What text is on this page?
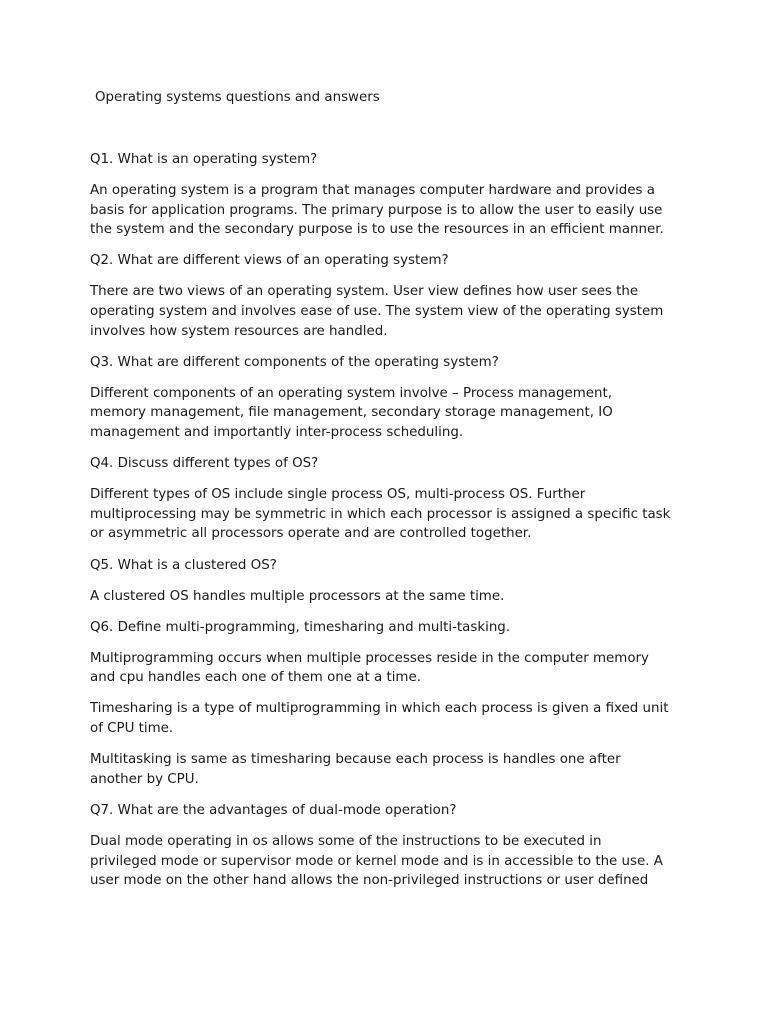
Operating systems questions and answers

Q1. What is an operating system?

An operating system is a program that manages computer hardware and provides a
basis for application programs. The primary purpose is to allow the user to easily use
the system and the secondary purpose is to use the resources in an efficient manner.

Q2. What are different views of an operating system?

There are two views of an operating system. User view defines how user sees the
operating system and involves ease of use. The system view of the operating system
involves how system resources are handled.

Q3. What are different components of the operating system?

Different components of an operating system involve – Process management,
memory management, file management, secondary storage management, IO
management and importantly inter-process scheduling.

Q4. Discuss different types of OS?

Different types of OS include single process OS, multi-process OS. Further
multiprocessing may be symmetric in which each processor is assigned a specific task
or asymmetric all processors operate and are controlled together.

Q5. What is a clustered OS?

A clustered OS handles multiple processors at the same time.

Q6. Define multi-programming, timesharing and multi-tasking.

Multiprogramming occurs when multiple processes reside in the computer memory
and cpu handles each one of them one at a time.

Timesharing is a type of multiprogramming in which each process is given a fixed unit
of CPU time.

Multitasking is same as timesharing because each process is handles one after
another by CPU.

Q7. What are the advantages of dual-mode operation?

Dual mode operating in os allows some of the instructions to be executed in
privileged mode or supervisor mode or kernel mode and is in accessible to the use. A
user mode on the other hand allows the non-privileged instructions or user defined
